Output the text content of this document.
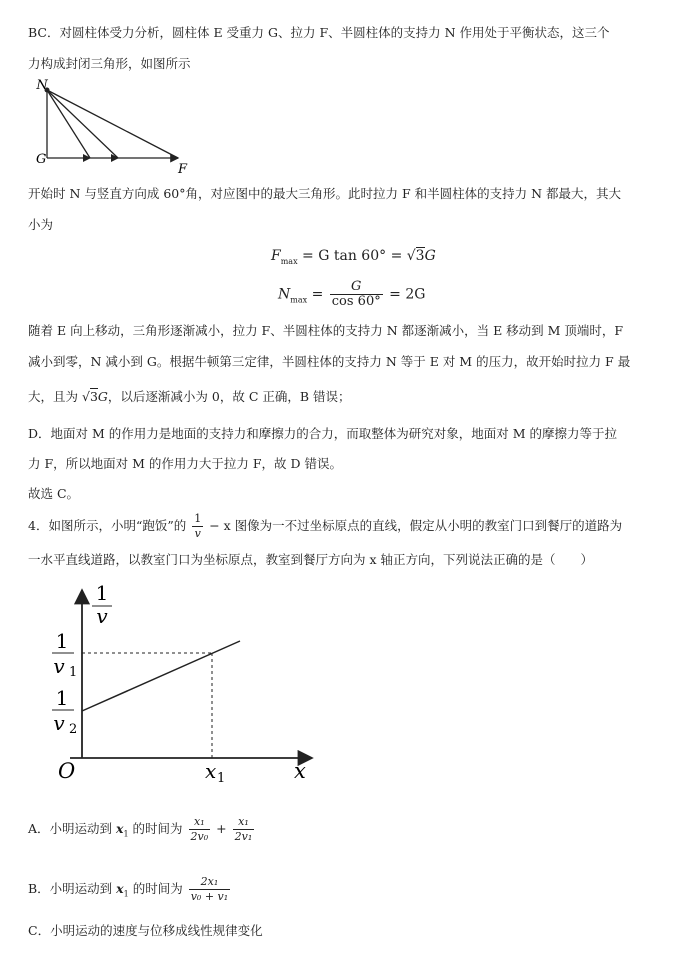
BC．对圆柱体受力分析，圆柱体 E 受重力 G、拉力 F、半圆柱体的支持力 N 作用处于平衡状态，这三个
力构成封闭三角形，如图所示
N
G
F
开始时 N 与竖直方向成 60°角，对应图中的最大三角形。此时拉力 F 和半圆柱体的支持力 N 都最大，其大
小为
$F_{max} = G$ tan 60° = √3G
$N_{max} = \frac{G}{\cos 60^\circ} = 2G$
随着 E 向上移动，三角形逐渐减小，拉力 F、半圆柱体的支持力 N 都逐渐减小，当 E 移动到 M 顶端时，F
减小到零，N 减小到 G。根据牛顿第三定律，半圆柱体的支持力 N 等于 E 对 M 的压力，故开始时拉力 F 最
大，且为 √3G，以后逐渐减小为 0，故 C 正确，B 错误；
D．地面对 M 的作用力是地面的支持力和摩擦力的合力，而取整体为研究对象，地面对 M 的摩擦力等于拉
力 F，所以地面对 M 的作用力大于拉力 F，故 D 错误。
故选 C。
4．如图所示，小明“跑饭”的 $\frac{1}{v} - x$ 图像为一不过坐标原点的直线，假定从小明的教室门口到餐厅的道路为
一水平直线道路，以教室门口为坐标原点，教室到餐厅方向为 x 轴正方向，下列说法正确的是（　　）
1
v
1
v 1
1
v 2
O	x 1	x
A．小明运动到 $x_1$ 的时间为 $\frac{\text{x₁}}{\text{2v₀}} + \frac{\text{x₁}}{\text{2v₁}}$
B．小明运动到 $x_1$ 的时间为 $\frac{\text{2x₁}}{\text{v₀ + v₁}}$
C．小明运动的速度与位移成线性规律变化
